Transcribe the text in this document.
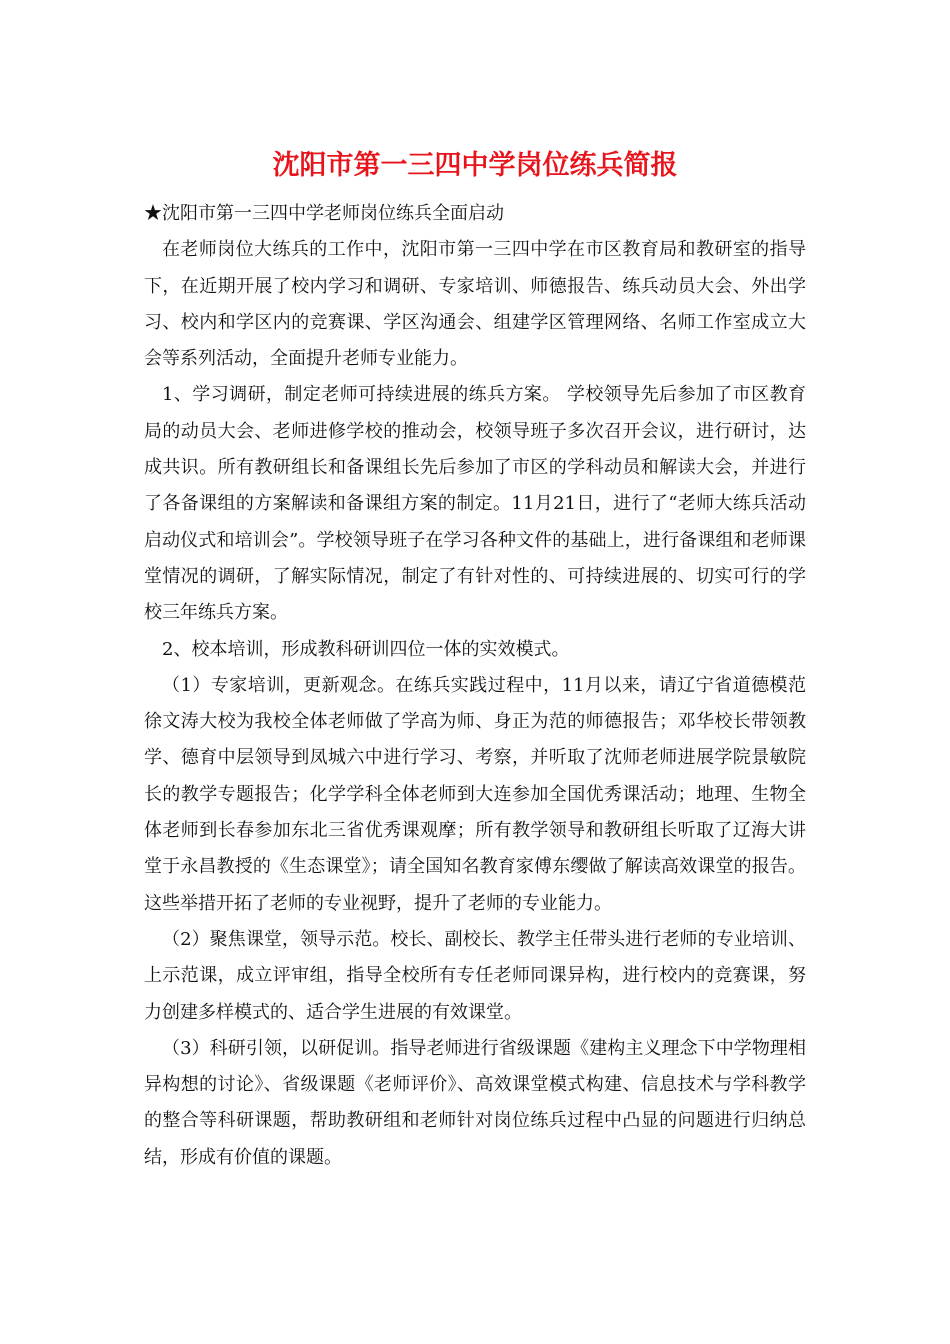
沈阳市第一三四中学岗位练兵简报

★沈阳市第一三四中学老师岗位练兵全面启动

在老师岗位大练兵的工作中，沈阳市第一三四中学在市区教育局和教研室的指导下，在近期开展了校内学习和调研、专家培训、师德报告、练兵动员大会、外出学习、校内和学区内的竞赛课、学区沟通会、组建学区管理网络、名师工作室成立大会等系列活动，全面提升老师专业能力。

1、学习调研，制定老师可持续进展的练兵方案。 学校领导先后参加了市区教育局的动员大会、老师进修学校的推动会，校领导班子多次召开会议，进行研讨，达成共识。所有教研组长和备课组长先后参加了市区的学科动员和解读大会，并进行了各备课组的方案解读和备课组方案的制定。11月21日，进行了“老师大练兵活动启动仪式和培训会”。学校领导班子在学习各种文件的基础上，进行备课组和老师课堂情况的调研，了解实际情况，制定了有针对性的、可持续进展的、切实可行的学校三年练兵方案。

2、校本培训，形成教科研训四位一体的实效模式。

（1）专家培训，更新观念。在练兵实践过程中，11月以来，请辽宁省道德模范徐文涛大校为我校全体老师做了学高为师、身正为范的师德报告；邓华校长带领教学、德育中层领导到凤城六中进行学习、考察，并听取了沈师老师进展学院景敏院长的教学专题报告；化学学科全体老师到大连参加全国优秀课活动；地理、生物全体老师到长春参加东北三省优秀课观摩；所有教学领导和教研组长听取了辽海大讲堂于永昌教授的《生态课堂》；请全国知名教育家傅东缨做了解读高效课堂的报告。这些举措开拓了老师的专业视野，提升了老师的专业能力。

（2）聚焦课堂，领导示范。校长、副校长、教学主任带头进行老师的专业培训、上示范课，成立评审组，指导全校所有专任老师同课异构，进行校内的竞赛课，努力创建多样模式的、适合学生进展的有效课堂。

（3）科研引领，以研促训。指导老师进行省级课题《建构主义理念下中学物理相异构想的讨论》、省级课题《老师评价》、高效课堂模式构建、信息技术与学科教学的整合等科研课题，帮助教研组和老师针对岗位练兵过程中凸显的问题进行归纳总结，形成有价值的课题。
